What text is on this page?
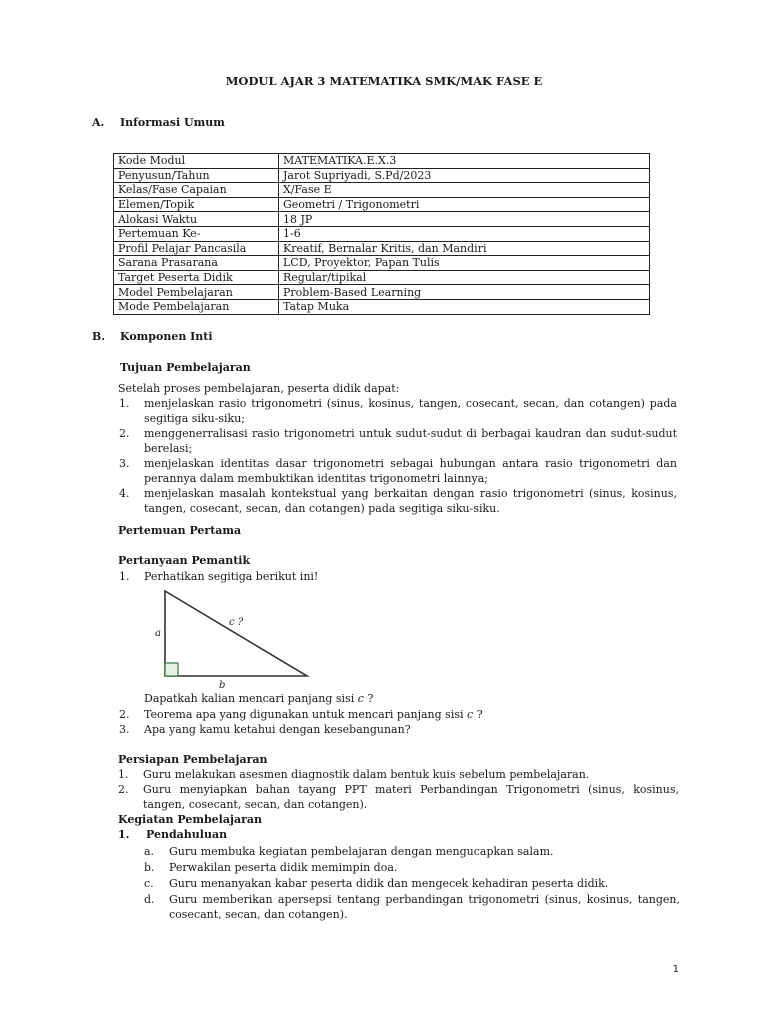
MODUL AJAR 3 MATEMATIKA SMK/MAK FASE E
A. Informasi Umum
Kode Modul	MATEMATIKA.E.X.3
Penyusun/Tahun	Jarot Supriyadi, S.Pd/2023
Kelas/Fase Capaian	X/Fase E
Elemen/Topik	Geometri / Trigonometri
Alokasi Waktu	18 JP
Pertemuan Ke-	1-6
Profil Pelajar Pancasila	Kreatif, Bernalar Kritis, dan Mandiri
Sarana Prasarana	LCD, Proyektor, Papan Tulis
Target Peserta Didik	Regular/tipikal
Model Pembelajaran	Problem-Based Learning
Mode Pembelajaran	Tatap Muka
B. Komponen Inti
Tujuan Pembelajaran
Setelah proses pembelajaran, peserta didik dapat:
1. menjelaskan rasio trigonometri (sinus, kosinus, tangen, cosecant, secan, dan cotangen) pada segitiga siku-siku;
2. menggenerralisasi rasio trigonometri untuk sudut-sudut di berbagai kaudran dan sudut-sudut berelasi;
3. menjelaskan identitas dasar trigonometri sebagai hubungan antara rasio trigonometri dan perannya dalam membuktikan identitas trigonometri lainnya;
4. menjelaskan masalah kontekstual yang berkaitan dengan rasio trigonometri (sinus, kosinus, tangen, cosecant, secan, dan cotangen) pada segitiga siku-siku.
Pertemuan Pertama
Pertanyaan Pemantik
1. Perhatikan segitiga berikut ini!
a
c ?
b
Dapatkah kalian mencari panjang sisi c ?
2. Teorema apa yang digunakan untuk mencari panjang sisi c ?
3. Apa yang kamu ketahui dengan kesebangunan?
Persiapan Pembelajaran
1. Guru melakukan asesmen diagnostik dalam bentuk kuis sebelum pembelajaran.
2. Guru menyiapkan bahan tayang PPT materi Perbandingan Trigonometri (sinus, kosinus, tangen, cosecant, secan, dan cotangen).
Kegiatan Pembelajaran
1. Pendahuluan
a. Guru membuka kegiatan pembelajaran dengan mengucapkan salam.
b. Perwakilan peserta didik memimpin doa.
c. Guru menanyakan kabar peserta didik dan mengecek kehadiran peserta didik.
d. Guru memberikan apersepsi tentang perbandingan trigonometri (sinus, kosinus, tangen, cosecant, secan, dan cotangen).
1
